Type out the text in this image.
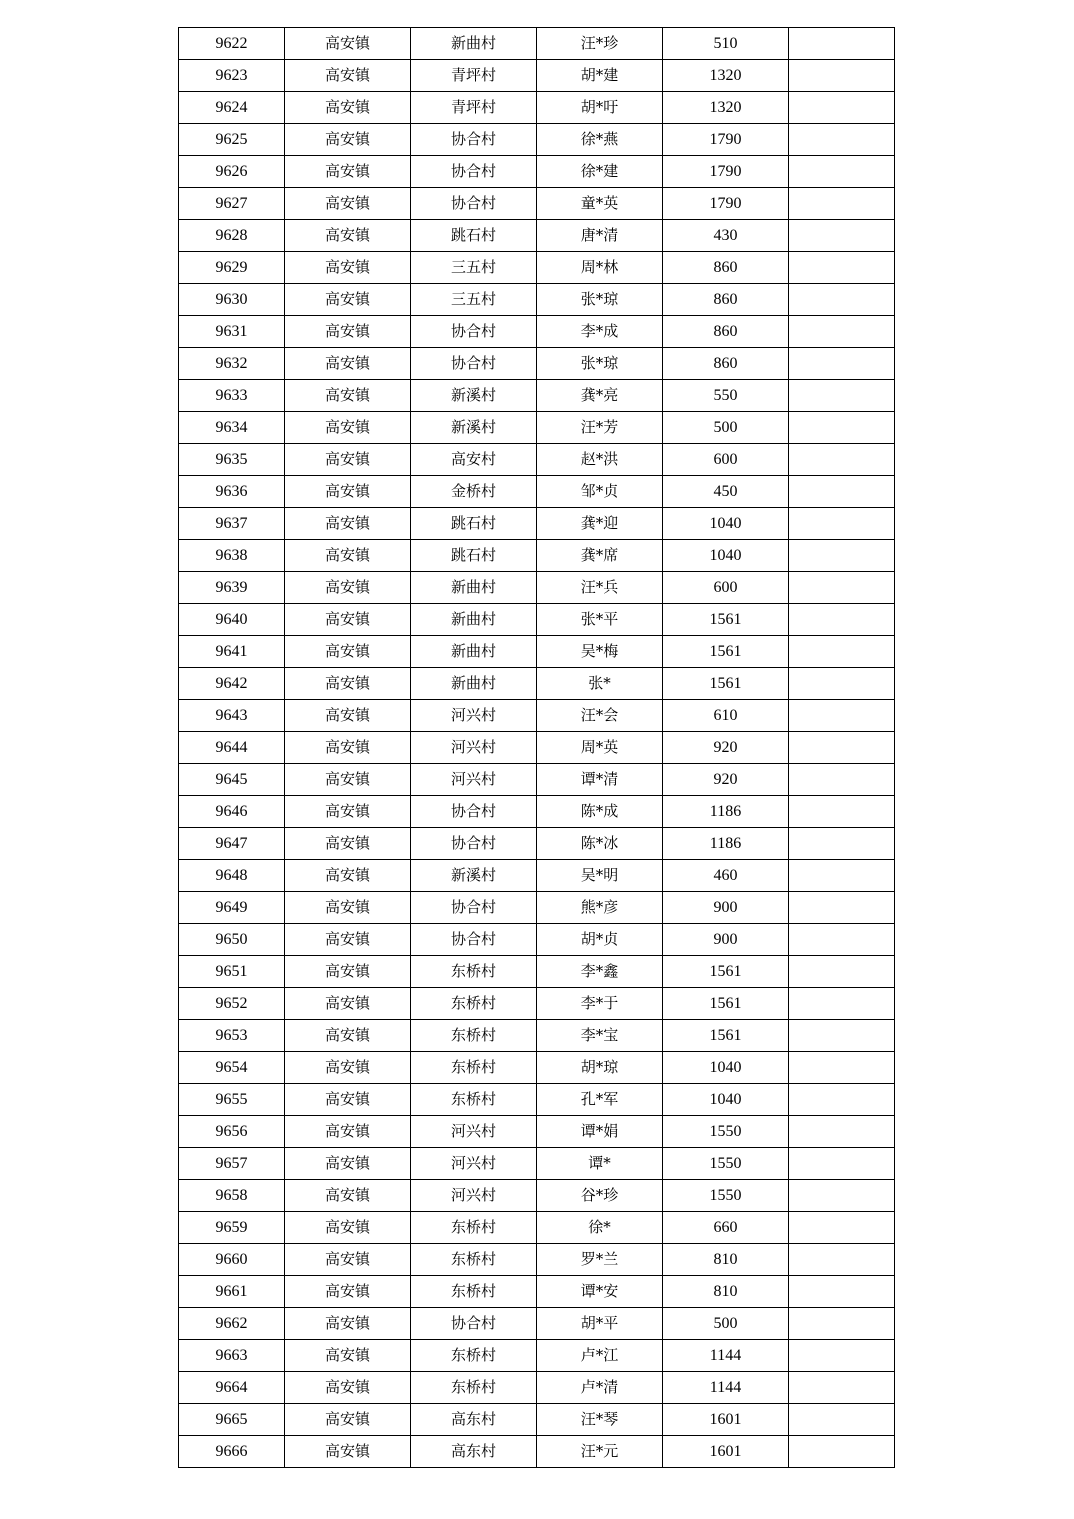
9622	高安镇	新曲村	汪*珍	510	
9623	高安镇	青坪村	胡*建	1320	
9624	高安镇	青坪村	胡*吁	1320	
9625	高安镇	协合村	徐*燕	1790	
9626	高安镇	协合村	徐*建	1790	
9627	高安镇	协合村	童*英	1790	
9628	高安镇	跳石村	唐*清	430	
9629	高安镇	三五村	周*林	860	
9630	高安镇	三五村	张*琼	860	
9631	高安镇	协合村	李*成	860	
9632	高安镇	协合村	张*琼	860	
9633	高安镇	新溪村	龚*亮	550	
9634	高安镇	新溪村	汪*芳	500	
9635	高安镇	高安村	赵*洪	600	
9636	高安镇	金桥村	邹*贞	450	
9637	高安镇	跳石村	龚*迎	1040	
9638	高安镇	跳石村	龚*席	1040	
9639	高安镇	新曲村	汪*兵	600	
9640	高安镇	新曲村	张*平	1561	
9641	高安镇	新曲村	吴*梅	1561	
9642	高安镇	新曲村	张*	1561	
9643	高安镇	河兴村	汪*会	610	
9644	高安镇	河兴村	周*英	920	
9645	高安镇	河兴村	谭*清	920	
9646	高安镇	协合村	陈*成	1186	
9647	高安镇	协合村	陈*冰	1186	
9648	高安镇	新溪村	吴*明	460	
9649	高安镇	协合村	熊*彦	900	
9650	高安镇	协合村	胡*贞	900	
9651	高安镇	东桥村	李*鑫	1561	
9652	高安镇	东桥村	李*于	1561	
9653	高安镇	东桥村	李*宝	1561	
9654	高安镇	东桥村	胡*琼	1040	
9655	高安镇	东桥村	孔*军	1040	
9656	高安镇	河兴村	谭*娟	1550	
9657	高安镇	河兴村	谭*	1550	
9658	高安镇	河兴村	谷*珍	1550	
9659	高安镇	东桥村	徐*	660	
9660	高安镇	东桥村	罗*兰	810	
9661	高安镇	东桥村	谭*安	810	
9662	高安镇	协合村	胡*平	500	
9663	高安镇	东桥村	卢*江	1144	
9664	高安镇	东桥村	卢*清	1144	
9665	高安镇	高东村	汪*琴	1601	
9666	高安镇	高东村	汪*元	1601	
